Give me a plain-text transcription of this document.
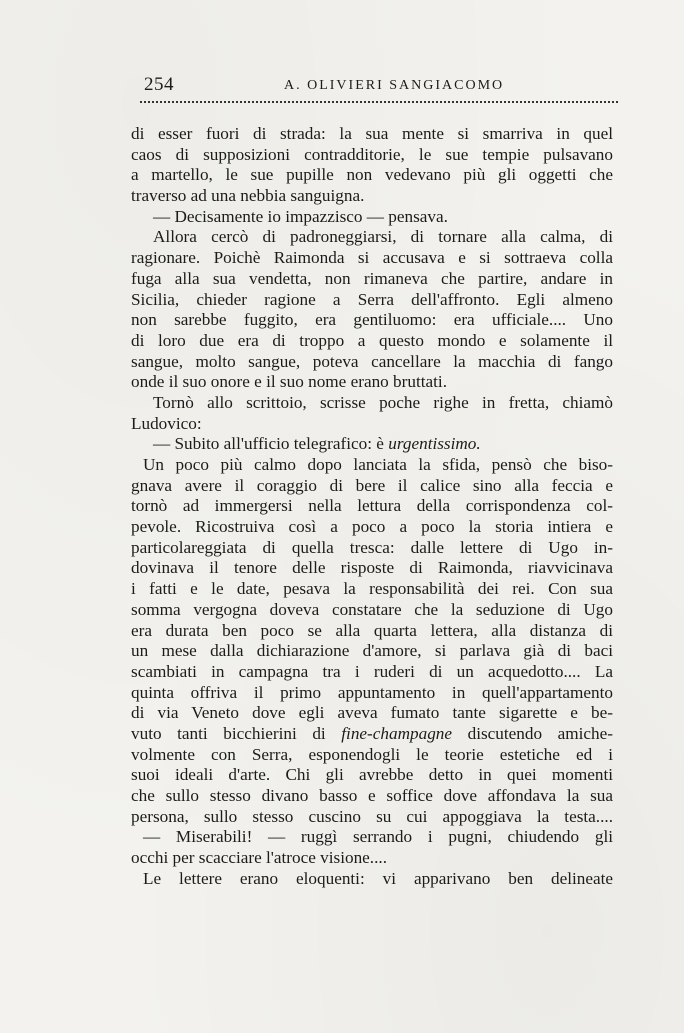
254	A. OLIVIERI SANGIACOMO
di esser fuori di strada: la sua mente si smarriva in quel
caos di supposizioni contradditorie, le sue tempie pulsavano
a martello, le sue pupille non vedevano più gli oggetti che
traverso ad una nebbia sanguigna.
— Decisamente io impazzisco — pensava.
Allora cercò di padroneggiarsi, di tornare alla calma, di
ragionare. Poichè Raimonda si accusava e si sottraeva colla
fuga alla sua vendetta, non rimaneva che partire, andare in
Sicilia, chieder ragione a Serra dell'affronto. Egli almeno
non sarebbe fuggito, era gentiluomo: era ufficiale.... Uno
di loro due era di troppo a questo mondo e solamente il
sangue, molto sangue, poteva cancellare la macchia di fango
onde il suo onore e il suo nome erano bruttati.
Tornò allo scrittoio, scrisse poche righe in fretta, chiamò
Ludovico:
— Subito all'ufficio telegrafico: è urgentissimo.
Un poco più calmo dopo lanciata la sfida, pensò che biso-
gnava avere il coraggio di bere il calice sino alla feccia e
tornò ad immergersi nella lettura della corrispondenza col-
pevole. Ricostruiva così a poco a poco la storia intiera e
particolareggiata di quella tresca: dalle lettere di Ugo in-
dovinava il tenore delle risposte di Raimonda, riavvicinava
i fatti e le date, pesava la responsabilità dei rei. Con sua
somma vergogna doveva constatare che la seduzione di Ugo
era durata ben poco se alla quarta lettera, alla distanza di
un mese dalla dichiarazione d'amore, si parlava già di baci
scambiati in campagna tra i ruderi di un acquedotto.... La
quinta offriva il primo appuntamento in quell'appartamento
di via Veneto dove egli aveva fumato tante sigarette e be-
vuto tanti bicchierini di fine-champagne discutendo amiche-
volmente con Serra, esponendogli le teorie estetiche ed i
suoi ideali d'arte. Chi gli avrebbe detto in quei momenti
che sullo stesso divano basso e soffice dove affondava la sua
persona, sullo stesso cuscino su cui appoggiava la testa....
— Miserabili! — ruggì serrando i pugni, chiudendo gli
occhi per scacciare l'atroce visione....
Le lettere erano eloquenti: vi apparivano ben delineate
